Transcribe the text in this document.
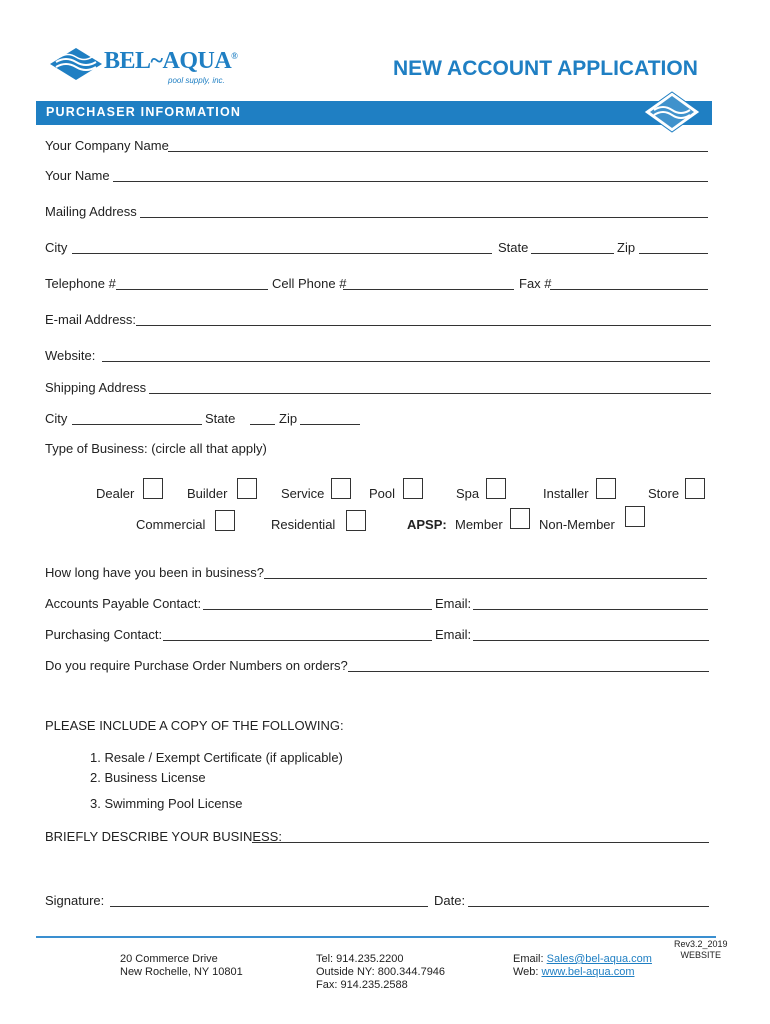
BEL~AQUA®
pool supply, inc.
NEW ACCOUNT APPLICATION
PURCHASER INFORMATION
Your Company Name
Your Name
Mailing Address
City	State	Zip
Telephone #	Cell Phone #	Fax #
E-mail Address:
Website:
Shipping Address
City	State	Zip
Type of Business: (circle all that apply)
Dealer	Builder	Service	Pool	Spa	Installer	Store
Commercial	Residential	APSP: Member	Non-Member
How long have you been in business?
Accounts Payable Contact:	Email:
Purchasing Contact:	Email:
Do you require Purchase Order Numbers on orders?
PLEASE INCLUDE A COPY OF THE FOLLOWING:
1. Resale / Exempt Certificate (if applicable)
2. Business License
3. Swimming Pool License
BRIEFLY DESCRIBE YOUR BUSINESS:
Signature:	Date:
20 Commerce Drive
New Rochelle, NY 10801
Tel: 914.235.2200
Outside NY: 800.344.7946
Fax: 914.235.2588
Email: Sales@bel-aqua.com
Web: www.bel-aqua.com
Rev3.2_2019
WEBSITE
